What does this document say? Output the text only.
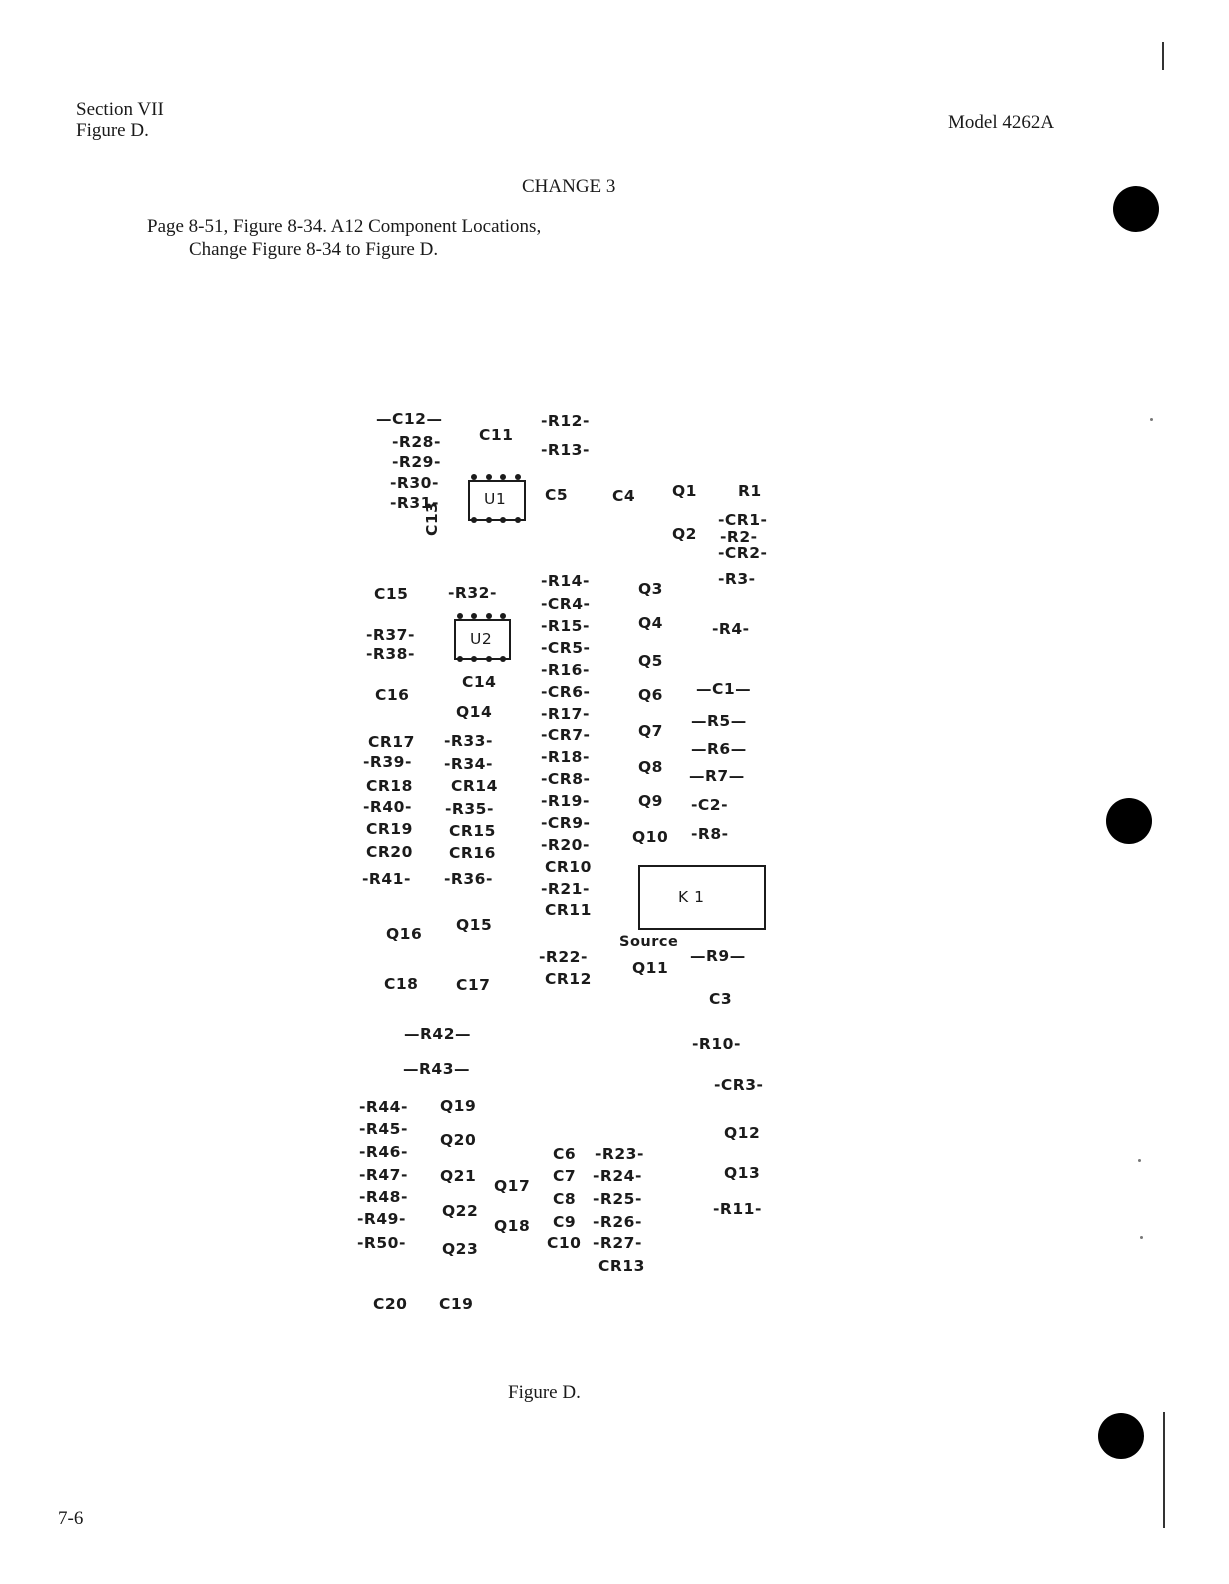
Section VII
Figure D.	Model 4262A
CHANGE 3
Page 8-51, Figure 8-34. A12 Component Locations,
Change Figure 8-34 to Figure D.
—C12—
-R28-
-R29-
-R30-
-R31-
C11
U1
C13
C15	-R32-
-R37-
-R38-
U2
C14
C16
Q14
CR17
-R39-
CR18
-R40-
CR19
CR20
-R41-
-R33-
-R34-
CR14
-R35-
CR15
CR16
-R36-
Q16 Q15
C18 C17
—R42—
—R43—
-R44-
-R45-
-R46-
-R47-
-R48-
-R49-
-R50-
Q19
Q20
Q21
Q22
Q23
Q17
Q18
C20 C19
-R12-
-R13-
C5	C4
-R14-
-CR4-
-R15-
-CR5-
-R16-
-CR6-
-R17-
-CR7-
-R18-
-CR8-
-R19-
-CR9-
-R20-
CR10
-R21-
CR11
-R22-
CR12
C6
C7
C8
C9
C10
-R23-
-R24-
-R25-
-R26-
-R27-
CR13
Q1
Q2
Q3
Q4
Q5
Q6
Q7
Q8
Q9
Q10
K 1
Source
Q11
R1
-CR1-
-R2-
-CR2-
-R3-
-R4-
—C1—
—R5—
—R6—
—R7—
-C2-
-R8-
—R9—
C3
-R10-
-CR3-
Q12
Q13
-R11-
Figure D.
7-6
